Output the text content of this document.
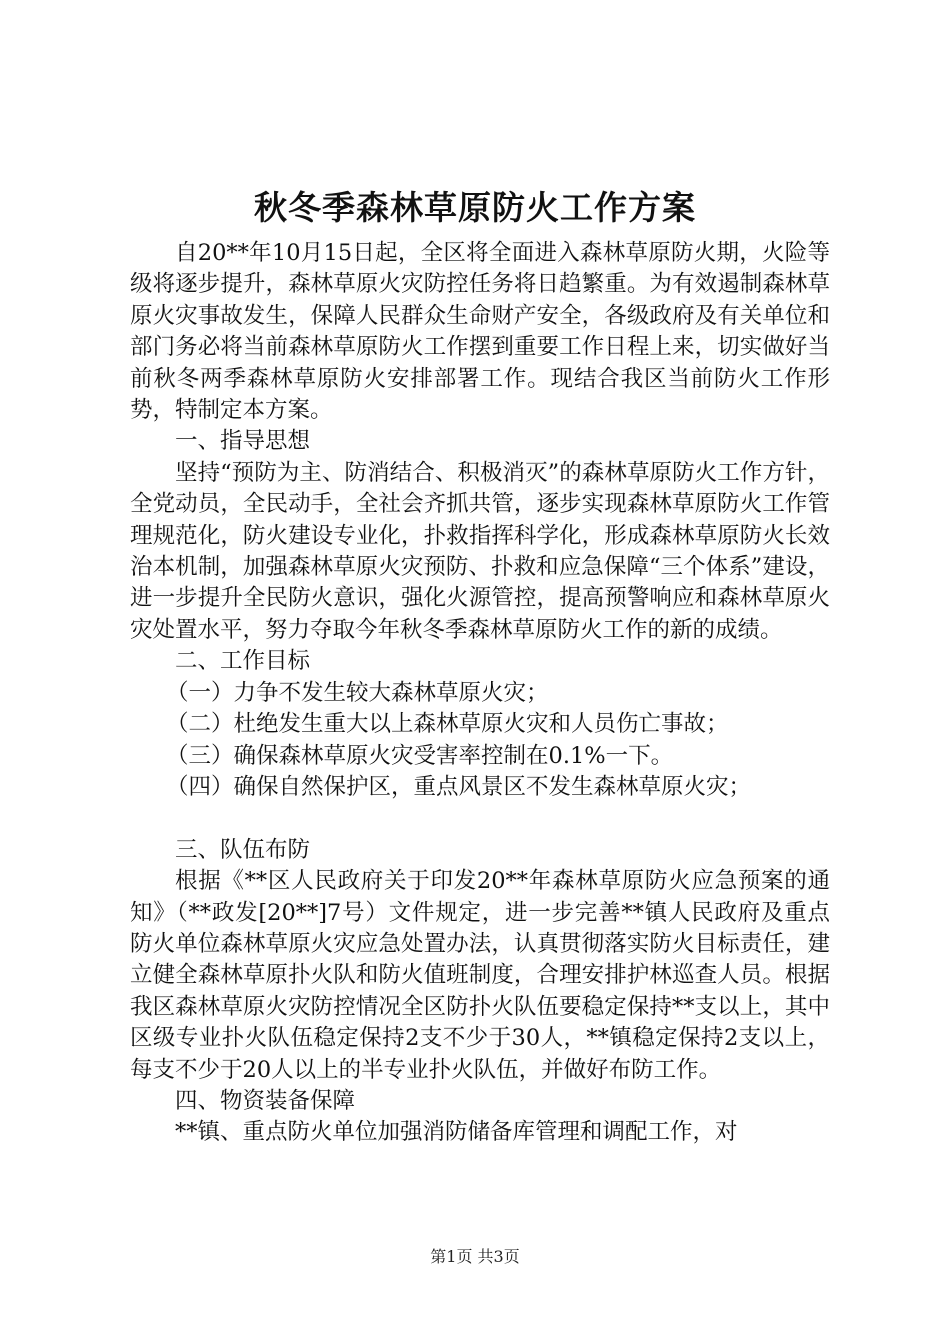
秋冬季森林草原防火工作方案

自20**年10月15日起，全区将全面进入森林草原防火期，火险等级将逐步提升，森林草原火灾防控任务将日趋繁重。为有效遏制森林草原火灾事故发生，保障人民群众生命财产安全，各级政府及有关单位和部门务必将当前森林草原防火工作摆到重要工作日程上来，切实做好当前秋冬两季森林草原防火安排部署工作。现结合我区当前防火工作形势，特制定本方案。

一、指导思想

坚持“预防为主、防消结合、积极消灭”的森林草原防火工作方针，全党动员，全民动手，全社会齐抓共管，逐步实现森林草原防火工作管理规范化，防火建设专业化，扑救指挥科学化，形成森林草原防火长效治本机制，加强森林草原火灾预防、扑救和应急保障“三个体系”建设，进一步提升全民防火意识，强化火源管控，提高预警响应和森林草原火灾处置水平，努力夺取今年秋冬季森林草原防火工作的新的成绩。

二、工作目标

（一）力争不发生较大森林草原火灾；

（二）杜绝发生重大以上森林草原火灾和人员伤亡事故；

（三）确保森林草原火灾受害率控制在0.1%一下。

（四）确保自然保护区，重点风景区不发生森林草原火灾；

三、队伍布防

根据《**区人民政府关于印发20**年森林草原防火应急预案的通知》（**政发[20**]7号）文件规定，进一步完善**镇人民政府及重点防火单位森林草原火灾应急处置办法，认真贯彻落实防火目标责任，建立健全森林草原扑火队和防火值班制度，合理安排护林巡查人员。根据我区森林草原火灾防控情况全区防扑火队伍要稳定保持**支以上，其中区级专业扑火队伍稳定保持2支不少于30人，**镇稳定保持2支以上，每支不少于20人以上的半专业扑火队伍，并做好布防工作。

四、物资装备保障

**镇、重点防火单位加强消防储备库管理和调配工作，对

第1页 共3页
